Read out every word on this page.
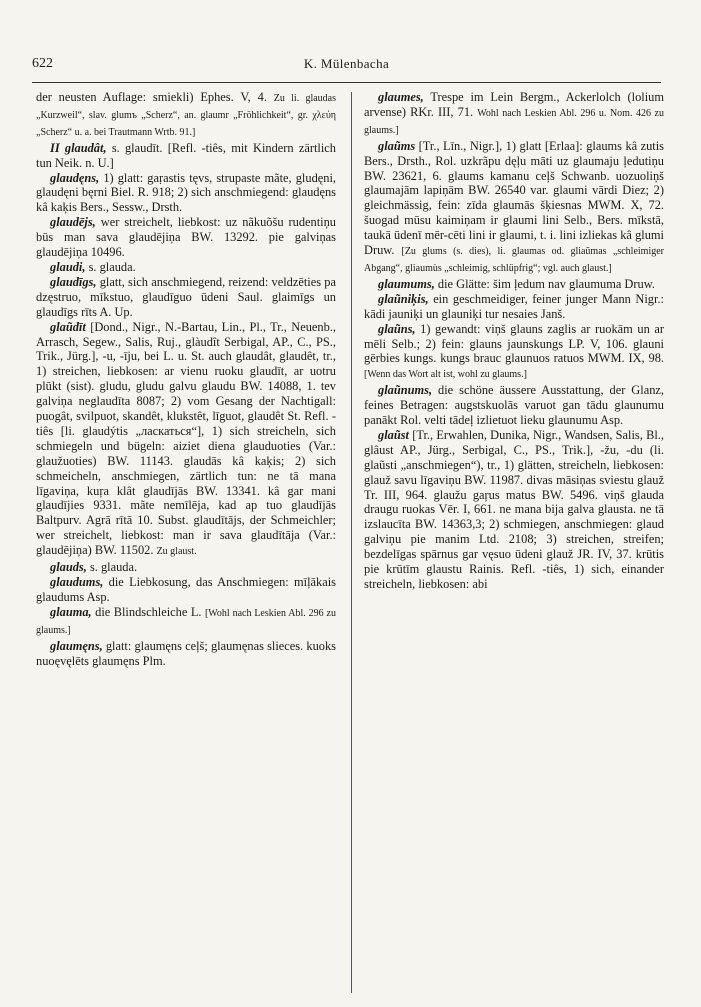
622	K. Mülenbacha

der neusten Auflage: smiekli) Ephes. V, 4. Zu li. glaudas „Kurzweil“, slav. glumъ „Scherz“, an. glaumr „Fröhlichkeit“, gr. χλεύη „Scherz“ u. a. bei Trautmann Wrtb. 91.]

II glaudât, s. glaudīt. [Refl. -tiês, mit Kindern zärtlich tun Neik. n. U.]

glaudęns, 1) glatt: gaṛastis tęvs, strupaste mãte, gludęni, glaudęni bęrni Biel. R. 918; 2) sich anschmiegend: glaudęns kâ kaķis Bers., Sessw., Drsth.

glaudējs, wer streichelt, liebkost: uz nãkuõšu rudentiņu būs man sava glaudējiņa BW. 13292. pie galviņas glaudējiņa 10496.

glaudi, s. glauda.

glaudīgs, glatt, sich anschmiegend, reizend: veldzēties pa dzęstruo, mīkstuo, glaudīguo ūdeni Saul. glaimīgs un glaudīgs rīts A. Up.

glaũdīt [Dond., Nigr., N.-Bartau, Lin., Pl., Tr., Neuenb., Arrasch, Segew., Salis, Ruj., glàudît Serbigal, AP., C., PS., Trik., Jürg.], -u, -īju, bei L. u. St. auch glaudât, glaudêt, tr., 1) streichen, liebkosen: ar vienu ruoku glaudīt, ar uotru plūkt (sist). gludu, gludu galvu glaudu BW. 14088, 1. tev galviņa neglaudīta 8087; 2) vom Gesang der Nachtigall: puogât, svilpuot, skandêt, klukstêt, līguot, glaudêt St. Refl. -tiês [li. glaudýtis „ласкаться“], 1) sich streicheln, sich schmiegeln und bügeln: aiziet diena glauduoties (Var.: glaužuoties) BW. 11143. glaudās kâ kaķis; 2) sich schmeicheln, anschmiegen, zärtlich tun: ne tā mana līgaviņa, kuŗa klât glaudījās BW. 13341. kâ gar mani glaudījies 9331. mãte nemīlēja, kad ap tuo glaudījās Baltpurv. Agrā rītā 10. Subst. glaudītājs, der Schmeichler; wer streichelt, liebkost: man ir sava glaudītāja (Var.: glaudējiņa) BW. 11502. Zu glaust.

glauds, s. glauda.

glaudums, die Liebkosung, das Anschmiegen: mīļākais glaudums Asp.

glauma, die Blindschleiche L. [Wohl nach Leskien Abl. 296 zu glaums.]

glaumęns, glatt: glaumęns ceļš; glaumęnas slieces. kuoks nuoęvęlēts glaumęns Plm.

glaumes, Trespe im Lein Bergm., Ackerlolch (lolium arvense) RKr. III, 71. Wohl nach Leskien Abl. 296 u. Nom. 426 zu glaums.]

glaũms [Tr., Līn., Nigr.], 1) glatt [Erlaa]: glaums kâ zutis Bers., Drsth., Rol. uzkrãpu dęļu māti uz glaumaju ļedutiņu BW. 23621, 6. glaums kamanu ceļš Schwanb. uozuoliņš glaumajām lapiņām BW. 26540 var. glaumi vārdi Diez; 2) gleichmässig, fein: zīda glaumās šķiesnas MWM. X, 72. šuogad mūsu kaimiņam ir glaumi lini Selb., Bers. mīkstā, taukā ūdenī mēr-cēti lini ir glaumi, t. i. lini izliekas kâ glumi Druw. [Zu glums (s. dies), li. glaumas od. gliaũmas „schleimiger Abgang“, gliaumùs „schleimig, schlüpfrig“; vgl. auch glaust.]

glaumums, die Glätte: šim ļedum nav glaumuma Druw.

glaũniķis, ein geschmeidiger, feiner junger Mann Nigr.: kādi jauniķi un glauniķi tur nesaies Janš.

glaũns, 1) gewandt: viņš glauns zaglis ar ruokām un ar mēli Selb.; 2) fein: glauns jaunskungs LP. V, 106. glauni gērbies kungs. kungs brauc glaunuos ratuos MWM. IX, 98. [Wenn das Wort alt ist, wohl zu glaums.]

glaũnums, die schöne äussere Ausstattung, der Glanz, feines Betragen: augstskuolās varuot gan tādu glaunumu panākt Rol. velti tādeļ izlietuot lieku glaunumu Asp.

glaũst [Tr., Erwahlen, Dunika, Nigr., Wandsen, Salis, Bl., glâust AP., Jürg., Serbigal, C., PS., Trik.], -žu, -du (li. glaũsti „anschmiegen“), tr., 1) glätten, streicheln, liebkosen: glauž savu līgaviņu BW. 11987. divas māsiņas sviestu glauž Tr. III, 964. glaužu gaŗus matus BW. 5496. viņš glauda draugu ruokas Vēr. I, 661. ne mana bija galva glausta. ne tā izslaucīta BW. 14363,3; 2) schmiegen, anschmiegen: glaud galviņu pie manim Ltd. 2108; 3) streichen, streifen; bezdelīgas spārnus gar vęsuo ūdeni glauž JR. IV, 37. krūtis pie krūtīm glaustu Rainis. Refl. -tiês, 1) sich, einander streicheln, liebkosen: abi
